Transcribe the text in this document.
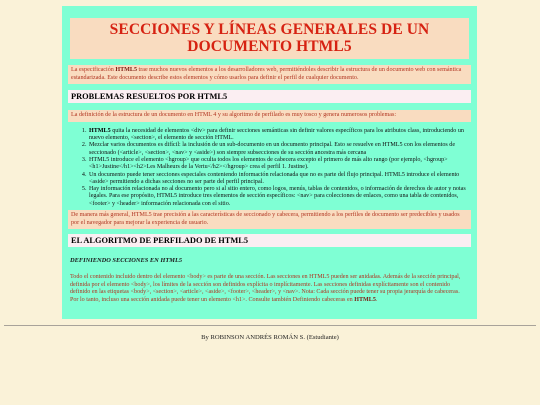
SECCIONES Y LÍNEAS GENERALES DE UN DOCUMENTO HTML5
La especificación HTML5 trae muchos nuevos elementos a los desarrolladores web, permitiéndoles describir la estructura de un documento web con semántica estandarizada. Este documento describe estos elementos y cómo usarlos para definir el perfil de cualquier documento.
PROBLEMAS RESUELTOS POR HTML5
La definición de la estructura de un documento en HTML 4 y su algoritmo de perfilado es muy tosco y genera numerosos problemas:
1. HTML5 quita la necesidad de elementos <div> para definir secciones semánticas sin definir valores específicos para los atributos class, introduciendo un nuevo elemento, <section>, el elemento de sección HTML.
2. Mezclar varios documentos es difícil: la inclusión de un sub-documento en un documento principal. Esto se resuelve en HTML5 con los elementos de seccionado (<article>, <section>, <nav> y <aside>) son siempre subsecciones de su sección ancestra más cercana
3. HTML5 introduce el elemento <hgroup> que oculta todos los elementos de cabecera excepto el primero de más alto rango (por ejemplo, <hgroup><h1>Justine</h1><h2>Les Malheurs de la Vertu</h2></hgroup> crea el perfil 1. Justine).
4. Un documento puede tener secciones especiales conteniendo información relacionada que no es parte del flujo principal. HTML5 introduce el elemento <aside> permitiendo a dichas secciones no ser parte del perfil principal.
5. Hay información relacionada no al documento pero si al sitio entero, como logos, menús, tablas de contenidos, o información de derechos de autor y notas legales. Para ese propósito, HTML5 introduce tres elementos de sección específicos: <nav> para colecciones de enlaces, como una tabla de contenidos, <footer> y <header> información relacionada con el sitio.
De manera más general, HTML5 trae precisión a las características de seccionado y cabecera, permitiendo a los perfiles de documento ser predecibles y usados por el navegador para mejorar la experiencia de usuario.
EL ALGORITMO DE PERFILADO DE HTML5
DEFINIENDO SECCIONES EN HTML5
Todo el contenido incluido dentro del elemento <body> es parte de una sección. Las secciones en HTML5 pueden ser anidadas. Además de la sección principal, definida por el elemento <body>, los límites de la sección son definidos explícita o implícitamente. Las secciones definidas explícitamente son el contenido definido en las etiquetas <body>, <section>, <article>, <aside>, <footer>, <header>, y <nav>. Nota: Cada sección puede tener su propia jerarquía de cabeceras. Por lo tanto, incluso una sección anidada puede tener un elemento <h1>. Consulte también Definiendo cabeceras en HTML5.
By ROBINSON ANDRÉS ROMÁN S. (Estudiante)
